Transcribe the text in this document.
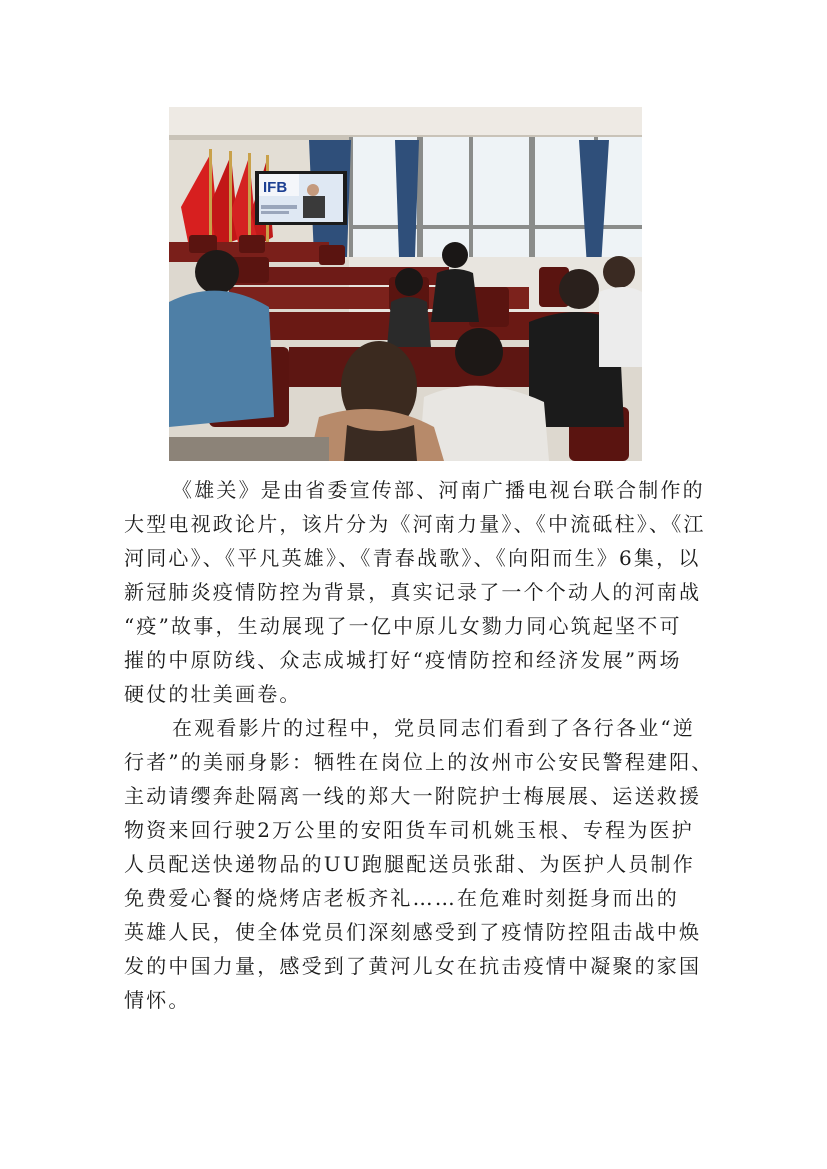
IFB
《雄关》是由省委宣传部、河南广播电视台联合制作的
大型电视政论片，该片分为《河南力量》、《中流砥柱》、《江
河同心》、《平凡英雄》、《青春战歌》、《向阳而生》6集，以
新冠肺炎疫情防控为背景，真实记录了一个个动人的河南战
“疫”故事，生动展现了一亿中原儿女勠力同心筑起坚不可
摧的中原防线、众志成城打好“疫情防控和经济发展”两场
硬仗的壮美画卷。
在观看影片的过程中，党员同志们看到了各行各业“逆
行者”的美丽身影：牺牲在岗位上的汝州市公安民警程建阳、
主动请缨奔赴隔离一线的郑大一附院护士梅展展、运送救援
物资来回行驶2万公里的安阳货车司机姚玉根、专程为医护
人员配送快递物品的UU跑腿配送员张甜、为医护人员制作
免费爱心餐的烧烤店老板齐礼……在危难时刻挺身而出的
英雄人民，使全体党员们深刻感受到了疫情防控阻击战中焕
发的中国力量，感受到了黄河儿女在抗击疫情中凝聚的家国
情怀。
